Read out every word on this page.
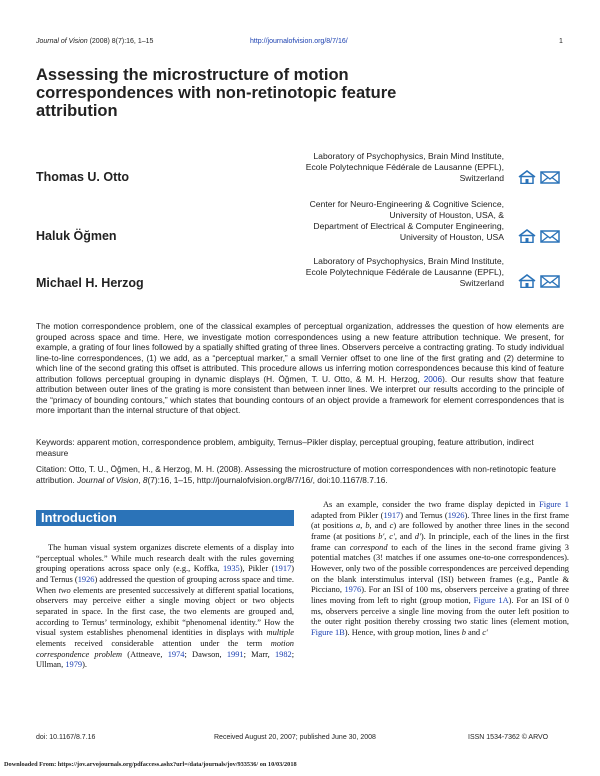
Journal of Vision (2008) 8(7):16, 1–15	http://journalofvision.org/8/7/16/	1
Assessing the microstructure of motion correspondences with non-retinotopic feature attribution
Thomas U. Otto
Laboratory of Psychophysics, Brain Mind Institute,
Ecole Polytechnique Fédérale de Lausanne (EPFL),
Switzerland
Haluk Öğmen
Center for Neuro-Engineering & Cognitive Science,
University of Houston, USA, &
Department of Electrical & Computer Engineering,
University of Houston, USA
Michael H. Herzog
Laboratory of Psychophysics, Brain Mind Institute,
Ecole Polytechnique Fédérale de Lausanne (EPFL),
Switzerland
The motion correspondence problem, one of the classical examples of perceptual organization, addresses the question of how elements are grouped across space and time. Here, we investigate motion correspondences using a new feature attribution technique. We present, for example, a grating of four lines followed by a spatially shifted grating of three lines. Observers perceive a contracting grating. To study individual line-to-line correspondences, (1) we add, as a “perceptual marker,” a small Vernier offset to one line of the first grating and (2) determine to which line of the second grating this offset is attributed. This procedure allows us inferring motion correspondences because this kind of feature attribution follows perceptual grouping in dynamic displays (H. Öğmen, T. U. Otto, & M. H. Herzog, 2006). Our results show that feature attribution between outer lines of the grating is more consistent than between inner lines. We interpret our results according to the principle of the “primacy of bounding contours,” which states that bounding contours of an object provide a framework for element correspondences that is more important than the internal structure of that object.
Keywords: apparent motion, correspondence problem, ambiguity, Ternus–Pikler display, perceptual grouping, feature attribution, indirect measure
Citation: Otto, T. U., Öğmen, H., & Herzog, M. H. (2008). Assessing the microstructure of motion correspondences with non-retinotopic feature attribution. Journal of Vision, 8(7):16, 1–15, http://journalofvision.org/8/7/16/, doi:10.1167/8.7.16.
Introduction

The human visual system organizes discrete elements of a display into “perceptual wholes.” While much research dealt with the rules governing grouping operations across space only (e.g., Koffka, 1935), Pikler (1917) and Ternus (1926) addressed the question of grouping across space and time. When two elements are presented successively at different spatial locations, observers may perceive either a single moving object or two objects separated in space. In the first case, the two elements are grouped and, according to Ternus’ terminology, exhibit “phenomenal identity.” How the visual system establishes phenomenal identities in displays with multiple elements received considerable attention under the term motion correspondence problem (Attneave, 1974; Dawson, 1991; Marr, 1982; Ullman, 1979).

As an example, consider the two frame display depicted in Figure 1 adapted from Pikler (1917) and Ternus (1926). Three lines in the first frame (at positions a, b, and c) are followed by another three lines in the second frame (at positions b′, c′, and d′). In principle, each of the lines in the first frame can correspond to each of the lines in the second frame giving 3 potential matches (3! matches if one assumes one-to-one correspondences). However, only two of the possible correspondences are perceived depending on the blank interstimulus interval (ISI) between frames (e.g., Pantle & Picciano, 1976). For an ISI of 100 ms, observers perceive a grating of three lines moving from left to right (group motion, Figure 1A). For an ISI of 0 ms, observers perceive a single line moving from the outer left position to the outer right position thereby crossing two static lines (element motion, Figure 1B). Hence, with group motion, lines b and c′

doi: 10.1167/8.7.16	Received August 20, 2007; published June 30, 2008	ISSN 1534-7362 © ARVO
Downloaded From: https://jov.arvojournals.org/pdfaccess.ashx?url=/data/journals/jov/933536/ on 10/03/2018
